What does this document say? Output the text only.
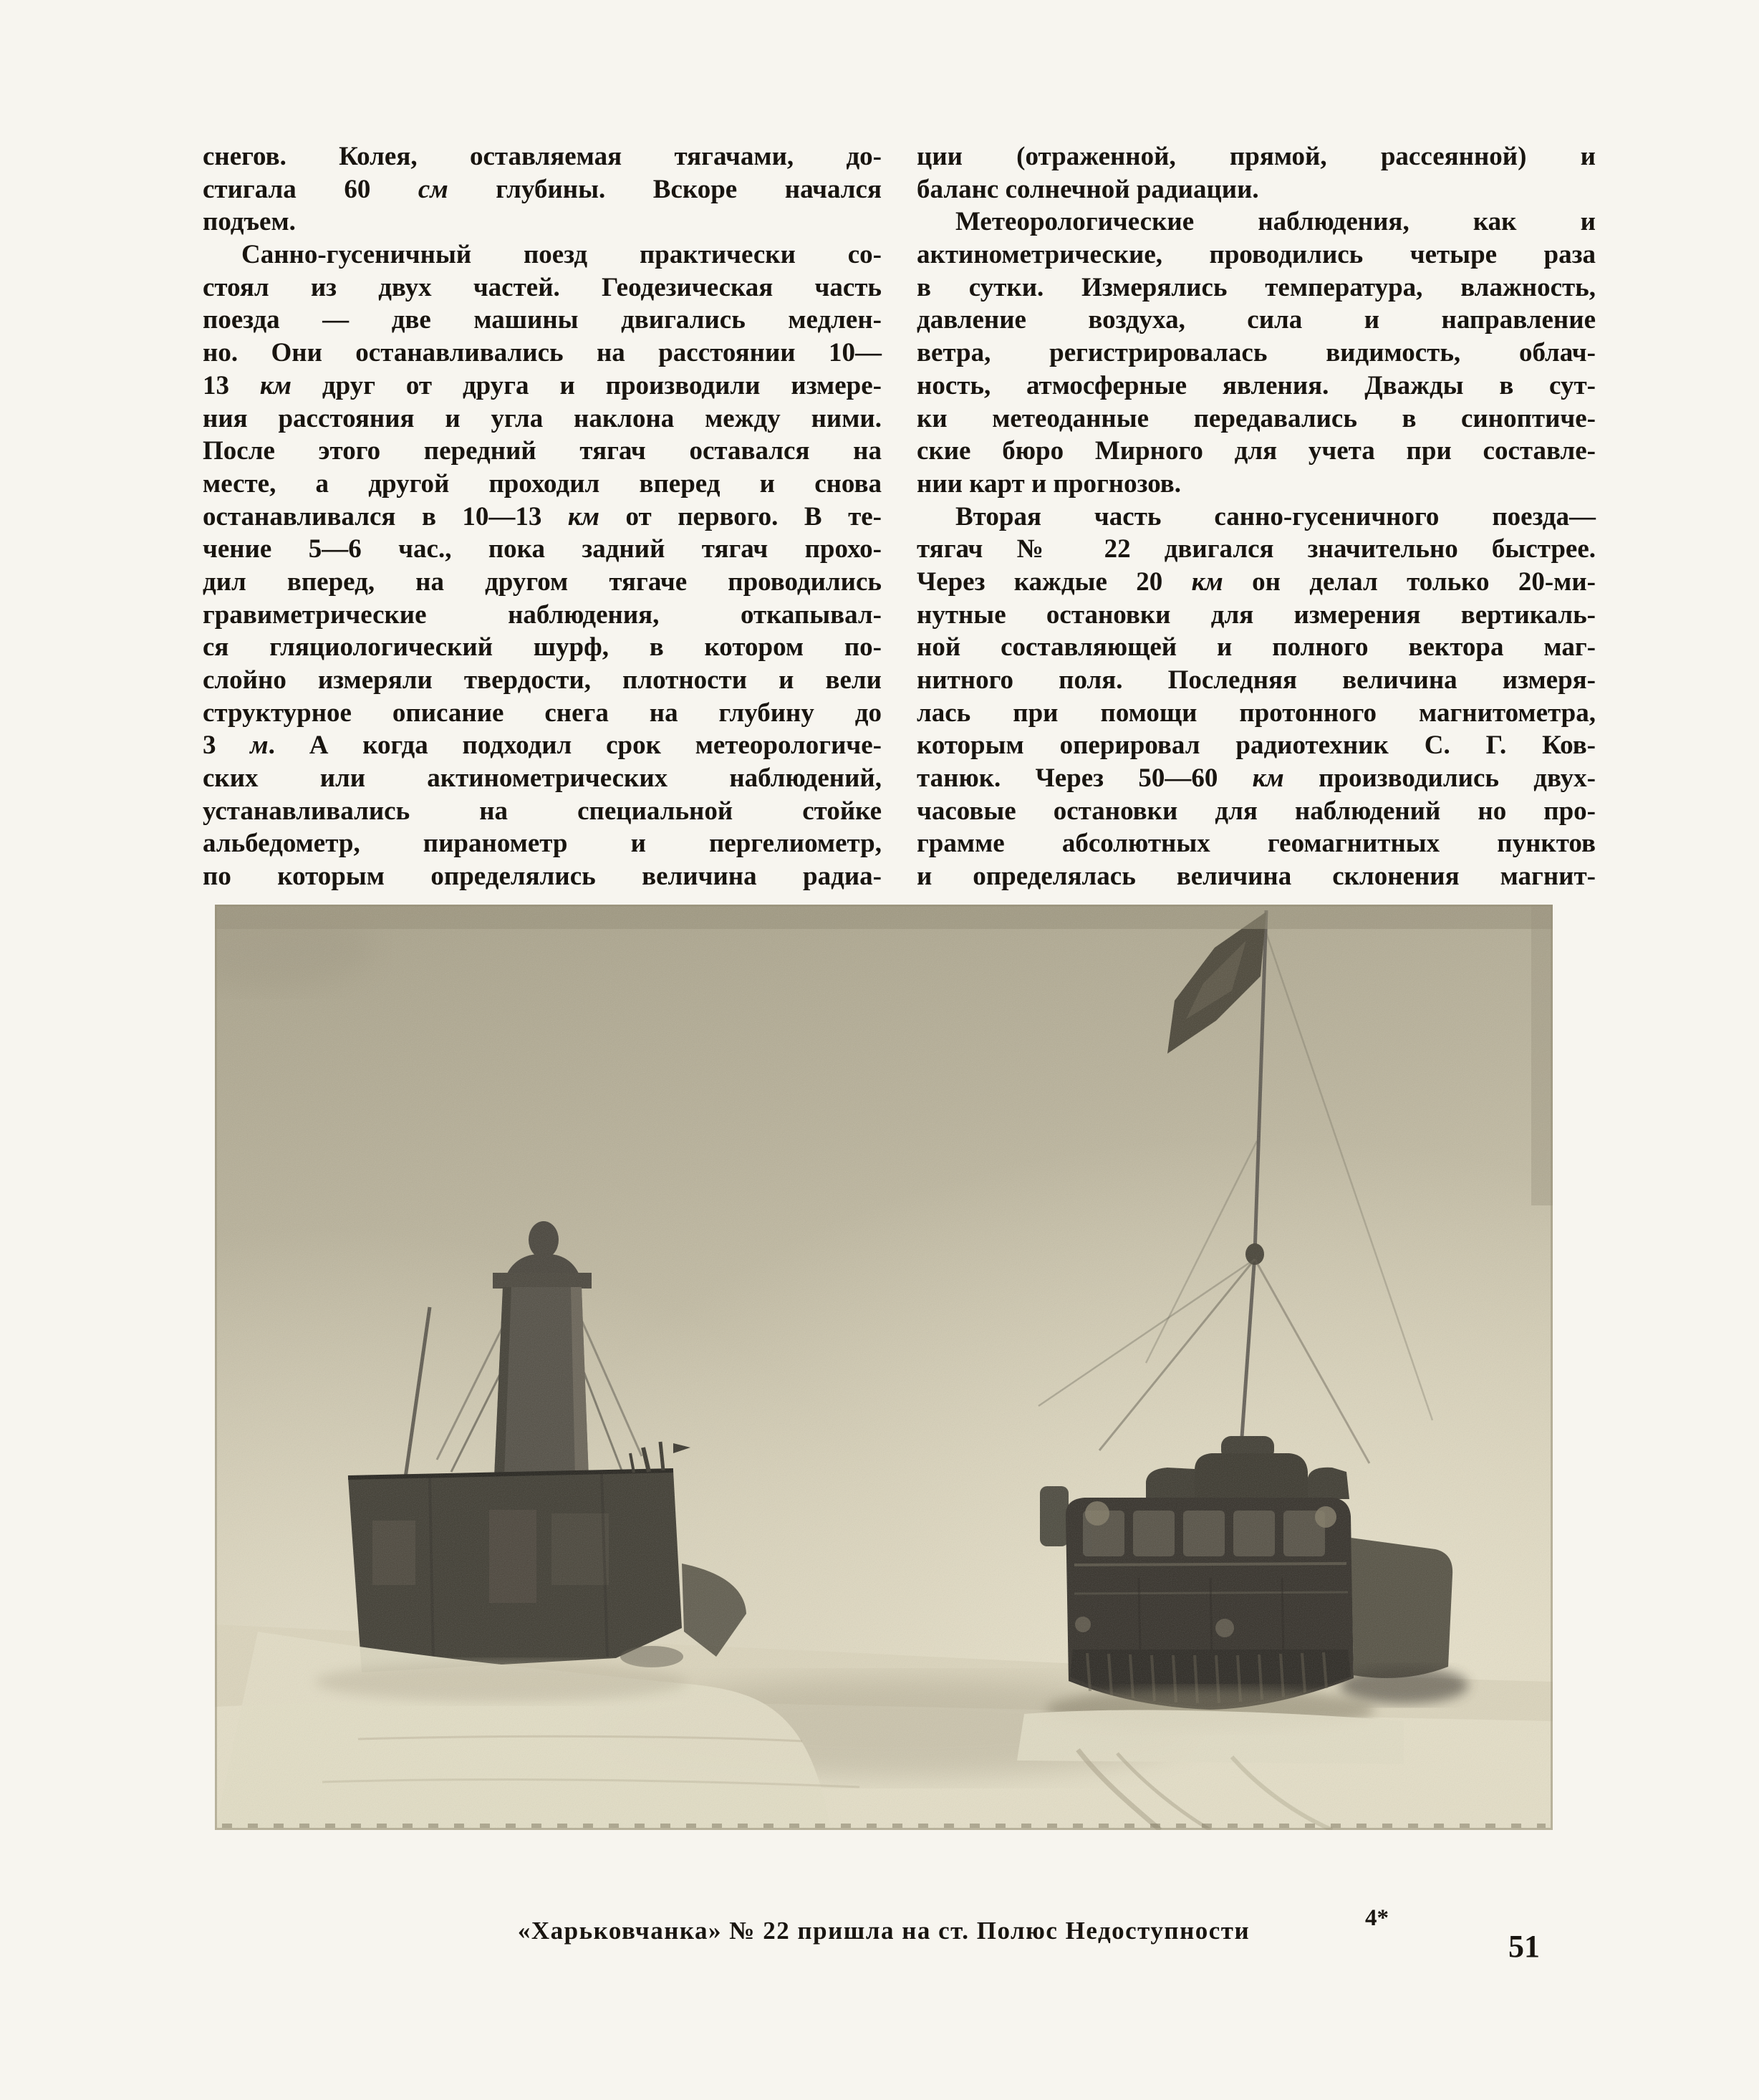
снегов. Колея, оставляемая тягачами, до-
стигала 60 см глубины. Вскоре начался
подъем.
Санно-гусеничный поезд практически со-
стоял из двух частей. Геодезическая часть
поезда — две машины двигались медлен-
но. Они останавливались на расстоянии 10—
13 км друг от друга и производили измере-
ния расстояния и угла наклона между ними.
После этого передний тягач оставался на
месте, а другой проходил вперед и снова
останавливался в 10—13 км от первого. В те-
чение 5—6 час., пока задний тягач прохо-
дил вперед, на другом тягаче проводились
гравиметрические наблюдения, откапывал-
ся гляциологический шурф, в котором по-
слойно измеряли твердости, плотности и вели
структурное описание снега на глубину до
3 м. А когда подходил срок метеорологиче-
ских или актинометрических наблюдений,
устанавливались на специальной стойке
альбедометр, пиранометр и пергелиометр,
по которым определялись величина радиа-
ции (отраженной, прямой, рассеянной) и
баланс солнечной радиации.
Метеорологические наблюдения, как и
актинометрические, проводились четыре раза
в сутки. Измерялись температура, влажность,
давление воздуха, сила и направление
ветра, регистрировалась видимость, облач-
ность, атмосферные явления. Дважды в сут-
ки метеоданные передавались в синоптиче-
ские бюро Мирного для учета при составле-
нии карт и прогнозов.
Вторая часть санно-гусеничного поезда—
тягач № 22 двигался значительно быстрее.
Через каждые 20 км он делал только 20-ми-
нутные остановки для измерения вертикаль-
ной составляющей и полного вектора маг-
нитного поля. Последняя величина измеря-
лась при помощи протонного магнитометра,
которым оперировал радиотехник С. Г. Ков-
танюк. Через 50—60 км производились двух-
часовые остановки для наблюдений но про-
грамме абсолютных геомагнитных пунктов
и определялась величина склонения магнит-
«Харьковчанка» № 22 пришла на ст. Полюс Недоступности	4*
51
